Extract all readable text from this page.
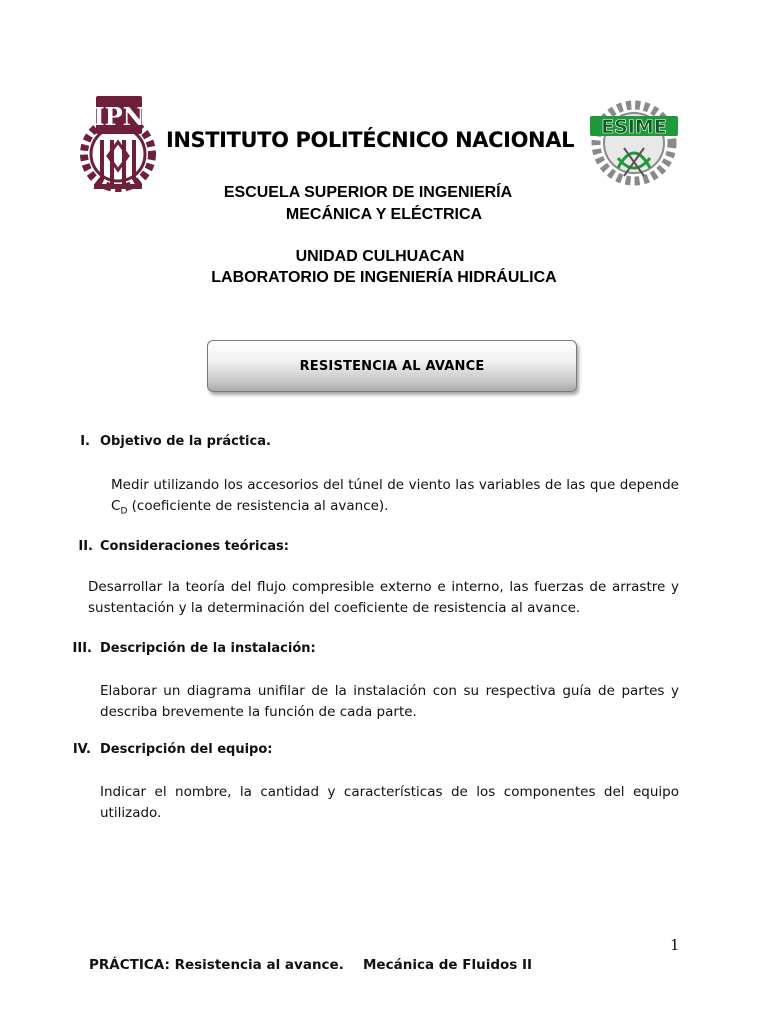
IPN	ESIME
INSTITUTO POLITÉCNICO NACIONAL
ESCUELA SUPERIOR DE INGENIERÍA
MECÁNICA Y ELÉCTRICA
UNIDAD CULHUACAN
LABORATORIO DE INGENIERÍA HIDRÁULICA
RESISTENCIA AL AVANCE
I. Objetivo de la práctica.
Medir utilizando los accesorios del túnel de viento las variables de las que depende
$C_D$ (coeficiente de resistencia al avance).
II. Consideraciones teóricas:
Desarrollar la teoría del flujo compresible externo e interno, las fuerzas de arrastre y
sustentación y la determinación del coeficiente de resistencia al avance.
III. Descripción de la instalación:
Elaborar un diagrama unifilar de la instalación con su respectiva guía de partes y
describa brevemente la función de cada parte.
IV. Descripción del equipo:
Indicar el nombre, la cantidad y características de los componentes del equipo
utilizado.
1
PRÁCTICA: Resistencia al avance. Mecánica de Fluidos II
